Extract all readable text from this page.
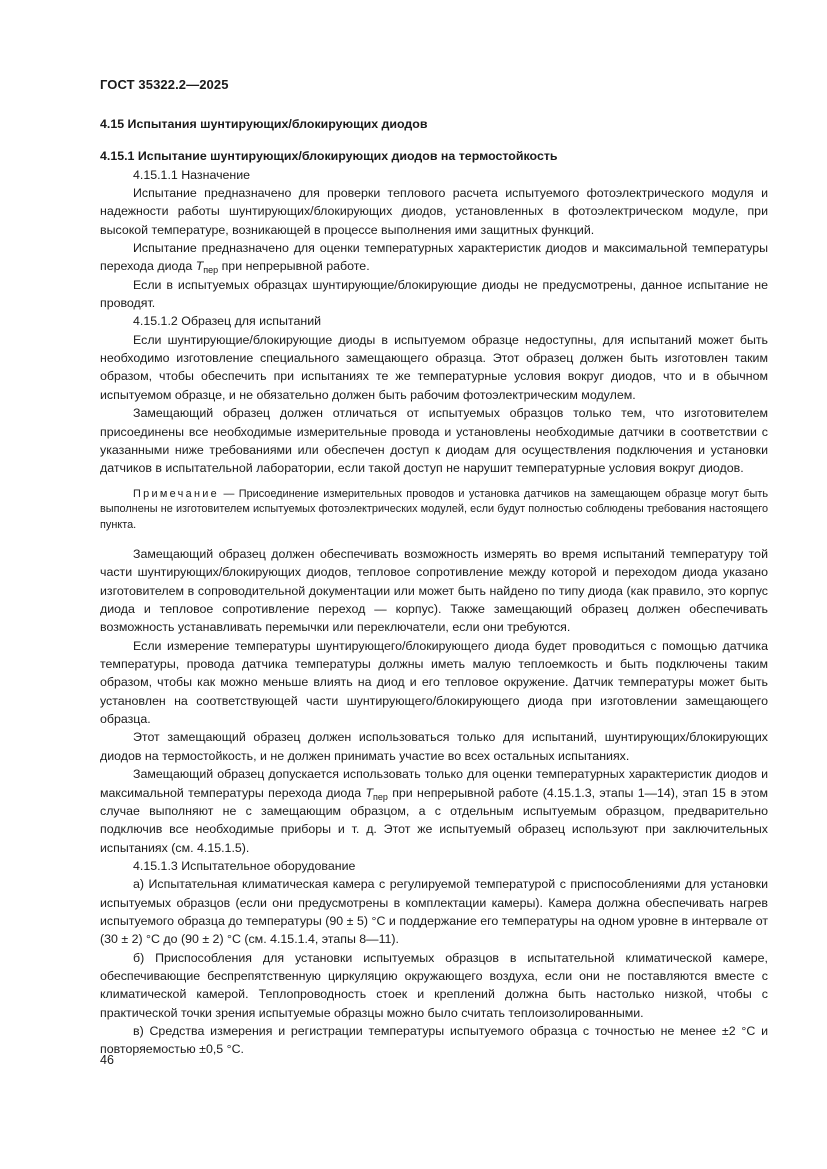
ГОСТ 35322.2—2025

4.15 Испытания шунтирующих/блокирующих диодов

4.15.1 Испытание шунтирующих/блокирующих диодов на термостойкость

4.15.1.1 Назначение

Испытание предназначено для проверки теплового расчета испытуемого фотоэлектрического модуля и надежности работы шунтирующих/блокирующих диодов, установленных в фотоэлектрическом модуле, при высокой температуре, возникающей в процессе выполнения ими защитных функций.

Испытание предназначено для оценки температурных характеристик диодов и максимальной температуры перехода диода $T_{пер}$ при непрерывной работе.

Если в испытуемых образцах шунтирующие/блокирующие диоды не предусмотрены, данное испытание не проводят.

4.15.1.2 Образец для испытаний

Если шунтирующие/блокирующие диоды в испытуемом образце недоступны, для испытаний может быть необходимо изготовление специального замещающего образца. Этот образец должен быть изготовлен таким образом, чтобы обеспечить при испытаниях те же температурные условия вокруг диодов, что и в обычном испытуемом образце, и не обязательно должен быть рабочим фотоэлектрическим модулем.

Замещающий образец должен отличаться от испытуемых образцов только тем, что изготовителем присоединены все необходимые измерительные провода и установлены необходимые датчики в соответствии с указанными ниже требованиями или обеспечен доступ к диодам для осуществления подключения и установки датчиков в испытательной лаборатории, если такой доступ не нарушит температурные условия вокруг диодов.

Примечание — Присоединение измерительных проводов и установка датчиков на замещающем образце могут быть выполнены не изготовителем испытуемых фотоэлектрических модулей, если будут полностью соблюдены требования настоящего пункта.

Замещающий образец должен обеспечивать возможность измерять во время испытаний температуру той части шунтирующих/блокирующих диодов, тепловое сопротивление между которой и переходом диода указано изготовителем в сопроводительной документации или может быть найдено по типу диода (как правило, это корпус диода и тепловое сопротивление переход — корпус). Также замещающий образец должен обеспечивать возможность устанавливать перемычки или переключатели, если они требуются.

Если измерение температуры шунтирующего/блокирующего диода будет проводиться с помощью датчика температуры, провода датчика температуры должны иметь малую теплоемкость и быть подключены таким образом, чтобы как можно меньше влиять на диод и его тепловое окружение. Датчик температуры может быть установлен на соответствующей части шунтирующего/блокирующего диода при изготовлении замещающего образца.

Этот замещающий образец должен использоваться только для испытаний, шунтирующих/блокирующих диодов на термостойкость, и не должен принимать участие во всех остальных испытаниях.

Замещающий образец допускается использовать только для оценки температурных характеристик диодов и максимальной температуры перехода диода $T_{пер}$ при непрерывной работе (4.15.1.3, этапы 1—14), этап 15 в этом случае выполняют не с замещающим образцом, а с отдельным испытуемым образцом, предварительно подключив все необходимые приборы и т. д. Этот же испытуемый образец используют при заключительных испытаниях (см. 4.15.1.5).

4.15.1.3 Испытательное оборудование

а) Испытательная климатическая камера с регулируемой температурой с приспособлениями для установки испытуемых образцов (если они предусмотрены в комплектации камеры). Камера должна обеспечивать нагрев испытуемого образца до температуры (90 ± 5) °С и поддержание его температуры на одном уровне в интервале от (30 ± 2) °С до (90 ± 2) °С (см. 4.15.1.4, этапы 8—11).

б) Приспособления для установки испытуемых образцов в испытательной климатической камере, обеспечивающие беспрепятственную циркуляцию окружающего воздуха, если они не поставляются вместе с климатической камерой. Теплопроводность стоек и креплений должна быть настолько низкой, чтобы с практической точки зрения испытуемые образцы можно было считать теплоизолированными.

в) Средства измерения и регистрации температуры испытуемого образца с точностью не менее ±2 °С и повторяемостью ±0,5 °С.

46
